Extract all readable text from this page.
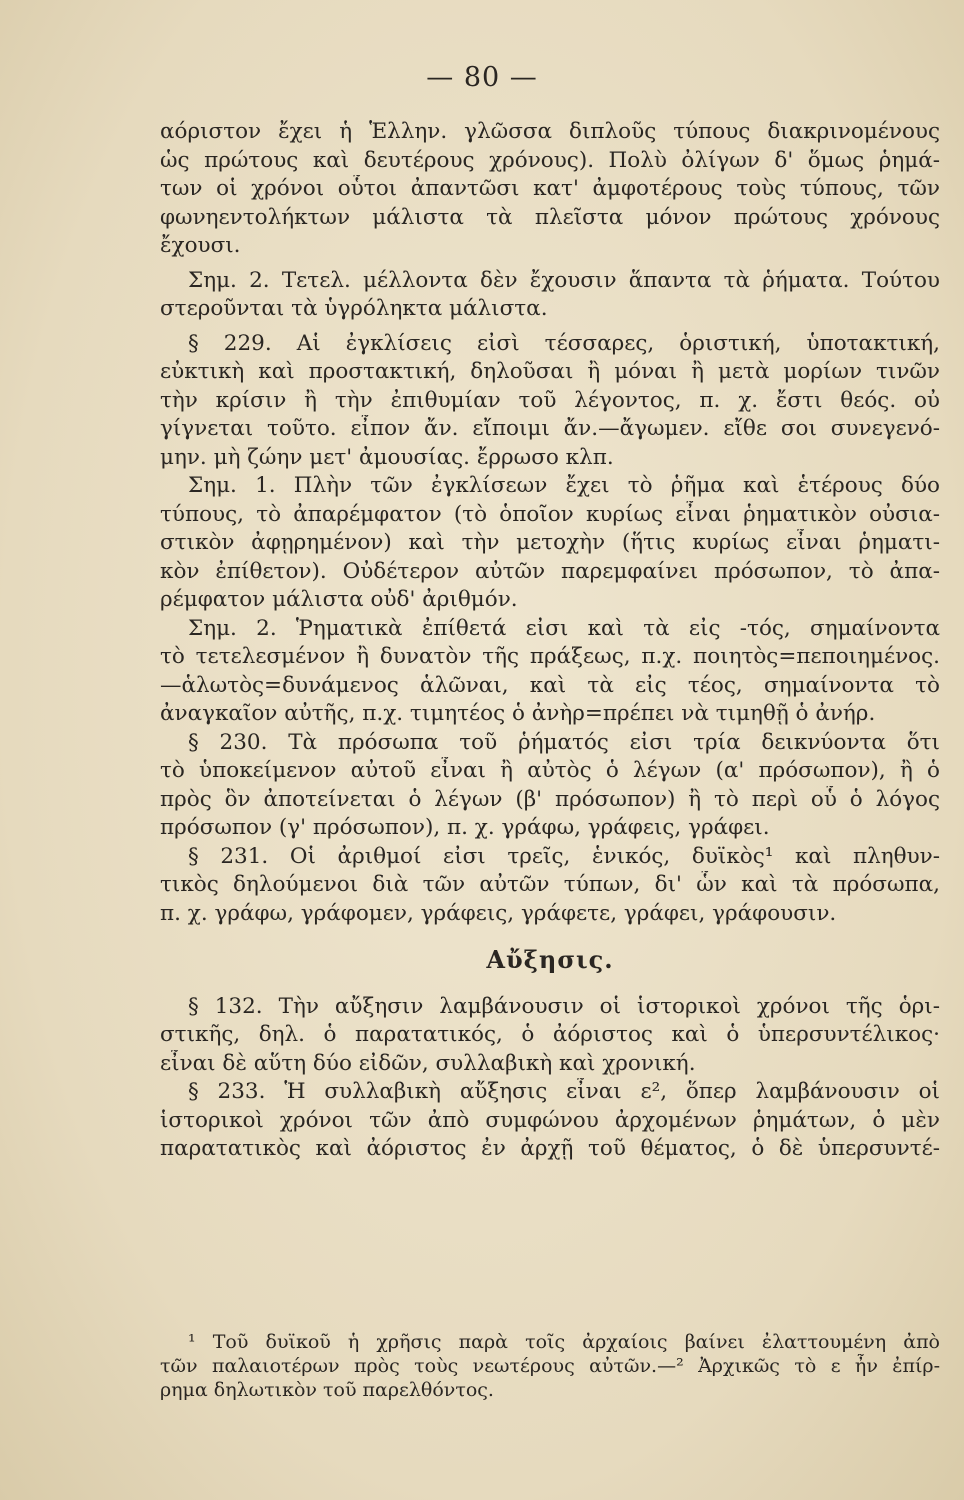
— 80 —
αόριστον ἔχει ἡ Ἑλλην. γλῶσσα διπλοῦς τύπους διακρινομένους
ὡς πρώτους καὶ δευτέρους χρόνους). Πολὺ ὀλίγων δ' ὅμως ῥημά-
των οἱ χρόνοι οὗτοι ἀπαντῶσι κατ' ἀμφοτέρους τοὺς τύπους, τῶν
φωνηεντολήκτων μάλιστα τὰ πλεῖστα μόνον πρώτους χρόνους
ἔχουσι.
Σημ. 2. Τετελ. μέλλοντα δὲν ἔχουσιν ἅπαντα τὰ ῥήματα. Τούτου
στεροῦνται τὰ ὑγρόληκτα μάλιστα.
§ 229. Αἱ ἐγκλίσεις εἰσὶ τέσσαρες, ὁριστική, ὑποτακτική,
εὐκτικὴ καὶ προστακτική, δηλοῦσαι ἢ μόναι ἢ μετὰ μορίων τινῶν
τὴν κρίσιν ἢ τὴν ἐπιθυμίαν τοῦ λέγοντος, π. χ. ἔστι θεός. οὐ
γίγνεται τοῦτο. εἶπον ἄν. εἴποιμι ἄν.—ἄγωμεν. εἴθε σοι συνεγενό-
μην. μὴ ζώην μετ' ἀμουσίας. ἔρρωσο κλπ.
Σημ. 1. Πλὴν τῶν ἐγκλίσεων ἔχει τὸ ῥῆμα καὶ ἑτέρους δύο
τύπους, τὸ ἀπαρέμφατον (τὸ ὁποῖον κυρίως εἶναι ῥηματικὸν οὐσια-
στικὸν ἀφῃρημένον) καὶ τὴν μετοχὴν (ἥτις κυρίως εἶναι ῥηματι-
κὸν ἐπίθετον). Οὐδέτερον αὐτῶν παρεμφαίνει πρόσωπον, τὸ ἀπα-
ρέμφατον μάλιστα οὐδ' ἀριθμόν.
Σημ. 2. Ῥηματικὰ ἐπίθετά εἰσι καὶ τὰ εἰς -τός, σημαίνοντα
τὸ τετελεσμένον ἢ δυνατὸν τῆς πράξεως, π.χ. ποιητὸς=πεποιημένος.
—ἁλωτὸς=δυνάμενος ἁλῶναι, καὶ τὰ εἰς τέος, σημαίνοντα τὸ
ἀναγκαῖον αὐτῆς, π.χ. τιμητέος ὁ ἀνὴρ=πρέπει νὰ τιμηθῇ ὁ ἀνήρ.
§ 230. Τὰ πρόσωπα τοῦ ῥήματός εἰσι τρία δεικνύοντα ὅτι
τὸ ὑποκείμενον αὐτοῦ εἶναι ἢ αὐτὸς ὁ λέγων (α' πρόσωπον), ἢ ὁ
πρὸς ὃν ἀποτείνεται ὁ λέγων (β' πρόσωπον) ἢ τὸ περὶ οὗ ὁ λόγος
πρόσωπον (γ' πρόσωπον), π. χ. γράφω, γράφεις, γράφει.
§ 231. Οἱ ἀριθμοί εἰσι τρεῖς, ἑνικός, δυϊκὸς¹ καὶ πληθυν-
τικὸς δηλούμενοι διὰ τῶν αὐτῶν τύπων, δι' ὧν καὶ τὰ πρόσωπα,
π. χ. γράφω, γράφομεν, γράφεις, γράφετε, γράφει, γράφουσιν.
Αὔξησις.
§ 132. Τὴν αὔξησιν λαμβάνουσιν οἱ ἱστορικοὶ χρόνοι τῆς ὁρι-
στικῆς, δηλ. ὁ παρατατικός, ὁ ἀόριστος καὶ ὁ ὑπερσυντέλικος·
εἶναι δὲ αὕτη δύο εἰδῶν, συλλαβικὴ καὶ χρονική.
§ 233. Ἡ συλλαβικὴ αὔξησις εἶναι ε², ὅπερ λαμβάνουσιν οἱ
ἱστορικοὶ χρόνοι τῶν ἀπὸ συμφώνου ἀρχομένων ῥημάτων, ὁ μὲν
παρατατικὸς καὶ ἀόριστος ἐν ἀρχῇ τοῦ θέματος, ὁ δὲ ὑπερσυντέ-
¹ Τοῦ δυϊκοῦ ἡ χρῆσις παρὰ τοῖς ἀρχαίοις βαίνει ἐλαττουμένη ἀπὸ
τῶν παλαιοτέρων πρὸς τοὺς νεωτέρους αὐτῶν.—² Ἀρχικῶς τὸ ε ἦν ἐπίρ-
ρημα δηλωτικὸν τοῦ παρελθόντος.
